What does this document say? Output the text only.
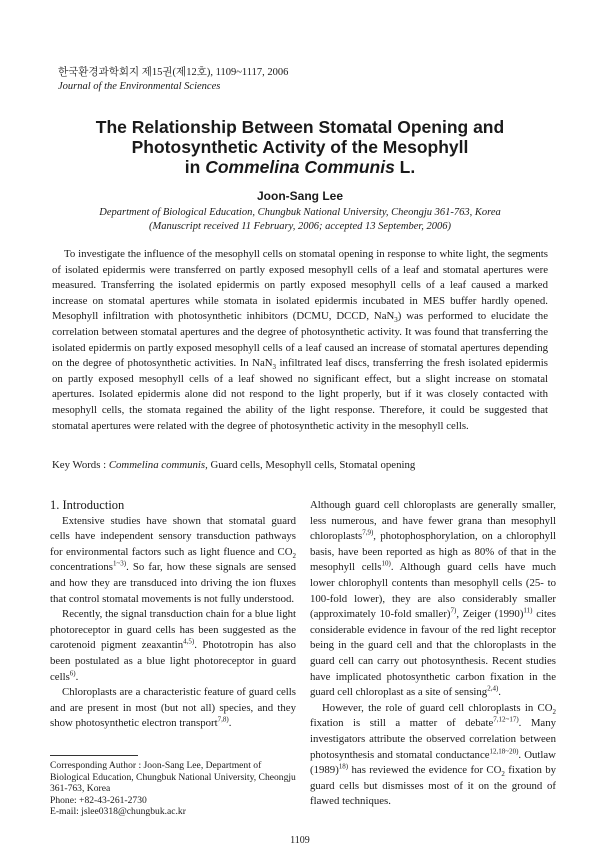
한국환경과학회지 제15권(제12호), 1109~1117, 2006
Journal of the Environmental Sciences
The Relationship Between Stomatal Opening and
Photosynthetic Activity of the Mesophyll
in Commelina Communis L.
Joon-Sang Lee
Department of Biological Education, Chungbuk National University, Cheongju 361-763, Korea
(Manuscript received 11 February, 2006; accepted 13 September, 2006)

To investigate the influence of the mesophyll cells on stomatal opening in response to white light, the segments of isolated epidermis were transferred on partly exposed mesophyll cells of a leaf and stomatal apertures were measured. Transferring the isolated epidermis on partly exposed mesophyll cells of a leaf caused a marked increase on stomatal apertures while stomata in isolated epidermis incubated in MES buffer hardly opened. Mesophyll infiltration with photosynthetic inhibitors (DCMU, DCCD, NaN$_3$) was performed to elucidate the correlation between stomatal apertures and the degree of photosynthetic activity. It was found that transferring the isolated epidermis on partly exposed mesophyll cells of a leaf caused an increase of stomatal apertures depending on the degree of photosynthetic activities. In NaN$_3$ infiltrated leaf discs, transferring the fresh isolated epidermis on partly exposed mesophyll cells of a leaf showed no significant effect, but a slight increase on stomatal apertures. Isolated epidermis alone did not respond to the light properly, but if it was closely contacted with mesophyll cells, the stomata regained the ability of the light response. Therefore, it could be suggested that stomatal apertures were related with the degree of photosynthetic activity in the mesophyll cells.

Key Words : Commelina communis, Guard cells, Mesophyll cells, Stomatal opening

1. Introduction

Extensive studies have shown that stomatal guard cells have independent sensory transduction pathways for environmental factors such as light fluence and $CO_2$ concentrations$^{1\sim 3)}$. So far, how these signals are sensed and how they are transduced into driving the ion fluxes that control stomatal movements is not fully understood.

Recently, the signal transduction chain for a blue light photoreceptor in guard cells has been suggested as the carotenoid pigment zeaxantin$^{4,5)}$. Phototropin has also been postulated as a blue light photoreceptor in guard cells$^{6)}$.

Chloroplasts are a characteristic feature of guard cells and are present in most (but not all) species, and they show photosynthetic electron transport$^{7,8)}$.

Although guard cell chloroplasts are generally smaller, less numerous, and have fewer grana than mesophyll chloroplasts$^{7,9)}$, photophosphorylation, on a chlorophyll basis, have been reported as high as 80% of that in the mesophyll cells$^{10)}$. Although guard cells have much lower chlorophyll contents than mesophyll cells (25- to 100-fold lower), they are also considerably smaller (approximately 10-fold smaller)$^{7)}$, Zeiger $(1990)^{11)}$ cites considerable evidence in favour of the red light receptor being in the guard cell and that the chloroplasts in the guard cell can carry out photosynthesis. Recent studies have implicated photosynthetic carbon fixation in the guard cell chloroplast as a site of sensing$^{2,4)}$.

However, the role of guard cell chloroplasts in $CO_2$ fixation is still a matter of debate$^{7,12\sim 17)}$. Many investigators attribute the observed correlation between photosynthesis and stomatal conductance$^{12,18\sim 20)}$. Outlaw $(1989)^{18)}$ has reviewed the evidence for $CO_2$ fixation by guard cells but dismisses most of it on the ground of flawed techniques.

Corresponding Author : Joon-Sang Lee, Department of Biological Education, Chungbuk National University, Cheongju 361-763, Korea
Phone: +82-43-261-2730
E-mail: jslee0318@chungbuk.ac.kr
1109
